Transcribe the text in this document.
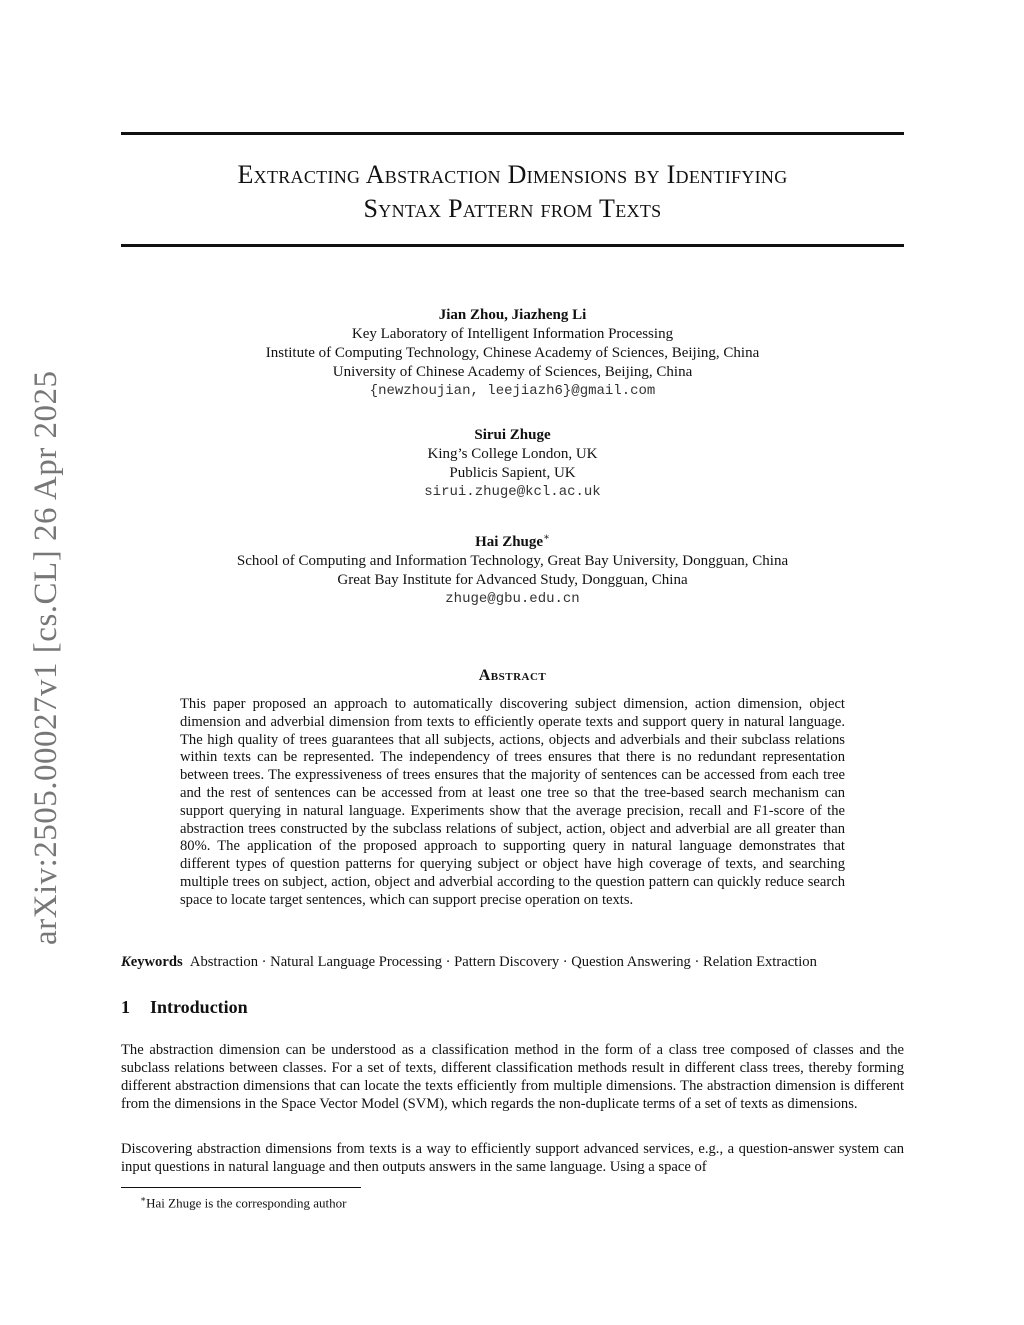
arXiv:2505.00027v1 [cs.CL] 26 Apr 2025
Extracting Abstraction Dimensions by Identifying
Syntax Pattern from Texts
Jian Zhou, Jiazheng Li
Key Laboratory of Intelligent Information Processing
Institute of Computing Technology, Chinese Academy of Sciences, Beijing, China
University of Chinese Academy of Sciences, Beijing, China
{newzhoujian, leejiazh6}@gmail.com
Sirui Zhuge
King’s College London, UK
Publicis Sapient, UK
sirui.zhuge@kcl.ac.uk
Hai Zhuge∗
School of Computing and Information Technology, Great Bay University, Dongguan, China
Great Bay Institute for Advanced Study, Dongguan, China
zhuge@gbu.edu.cn
Abstract
This paper proposed an approach to automatically discovering subject dimension, action dimension, object dimension and adverbial dimension from texts to efficiently operate texts and support query in natural language. The high quality of trees guarantees that all subjects, actions, objects and adverbials and their subclass relations within texts can be represented. The independency of trees ensures that there is no redundant representation between trees. The expressiveness of trees ensures that the majority of sentences can be accessed from each tree and the rest of sentences can be accessed from at least one tree so that the tree-based search mechanism can support querying in natural language. Experiments show that the average precision, recall and F1-score of the abstraction trees constructed by the subclass relations of subject, action, object and adverbial are all greater than 80%. The application of the proposed approach to supporting query in natural language demonstrates that different types of question patterns for querying subject or object have high coverage of texts, and searching multiple trees on subject, action, object and adverbial according to the question pattern can quickly reduce search space to locate target sentences, which can support precise operation on texts.
Keywords Abstraction · Natural Language Processing · Pattern Discovery · Question Answering · Relation Extraction
1 Introduction
The abstraction dimension can be understood as a classification method in the form of a class tree composed of classes and the subclass relations between classes. For a set of texts, different classification methods result in different class trees, thereby forming different abstraction dimensions that can locate the texts efficiently from multiple dimensions. The abstraction dimension is different from the dimensions in the Space Vector Model (SVM), which regards the non-duplicate terms of a set of texts as dimensions.
Discovering abstraction dimensions from texts is a way to efficiently support advanced services, e.g., a question-answer system can input questions in natural language and then outputs answers in the same language. Using a space of
∗Hai Zhuge is the corresponding author
